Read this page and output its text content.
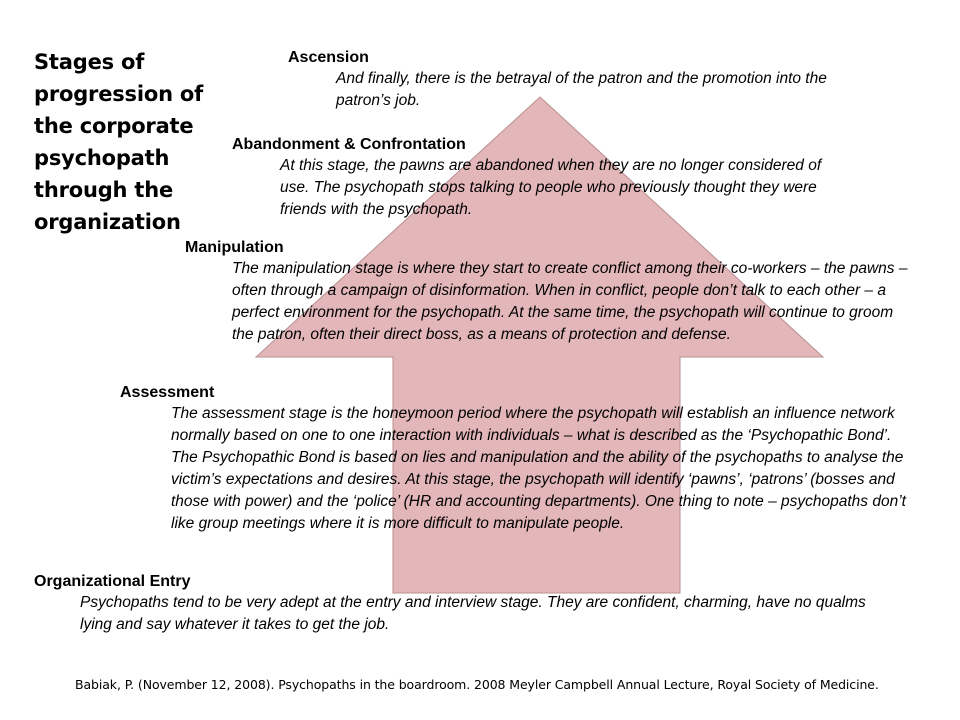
Stages of progression of the corporate psychopath through the organization
Ascension

And finally, there is the betrayal of the patron and the promotion into the patron’s job.

Abandonment & Confrontation

At this stage, the pawns are abandoned when they are no longer considered of use. The psychopath stops talking to people who previously thought they were friends with the psychopath.

Manipulation

The manipulation stage is where they start to create conflict among their co-workers – the pawns – often through a campaign of disinformation. When in conflict, people don’t talk to each other – a perfect environment for the psychopath. At the same time, the psychopath will continue to groom the patron, often their direct boss, as a means of protection and defense.

Assessment

The assessment stage is the honeymoon period where the psychopath will establish an influence network normally based on one to one interaction with individuals – what is described as the ‘Psychopathic Bond’. The Psychopathic Bond is based on lies and manipulation and the ability of the psychopaths to analyse the victim’s expectations and desires. At this stage, the psychopath will identify ‘pawns’, ‘patrons’ (bosses and those with power) and the ‘police’ (HR and accounting departments). One thing to note – psychopaths don’t like group meetings where it is more difficult to manipulate people.

Organizational Entry

Psychopaths tend to be very adept at the entry and interview stage. They are confident, charming, have no qualms lying and say whatever it takes to get the job.

Babiak, P. (November 12, 2008). Psychopaths in the boardroom. 2008 Meyler Campbell Annual Lecture, Royal Society of Medicine.
